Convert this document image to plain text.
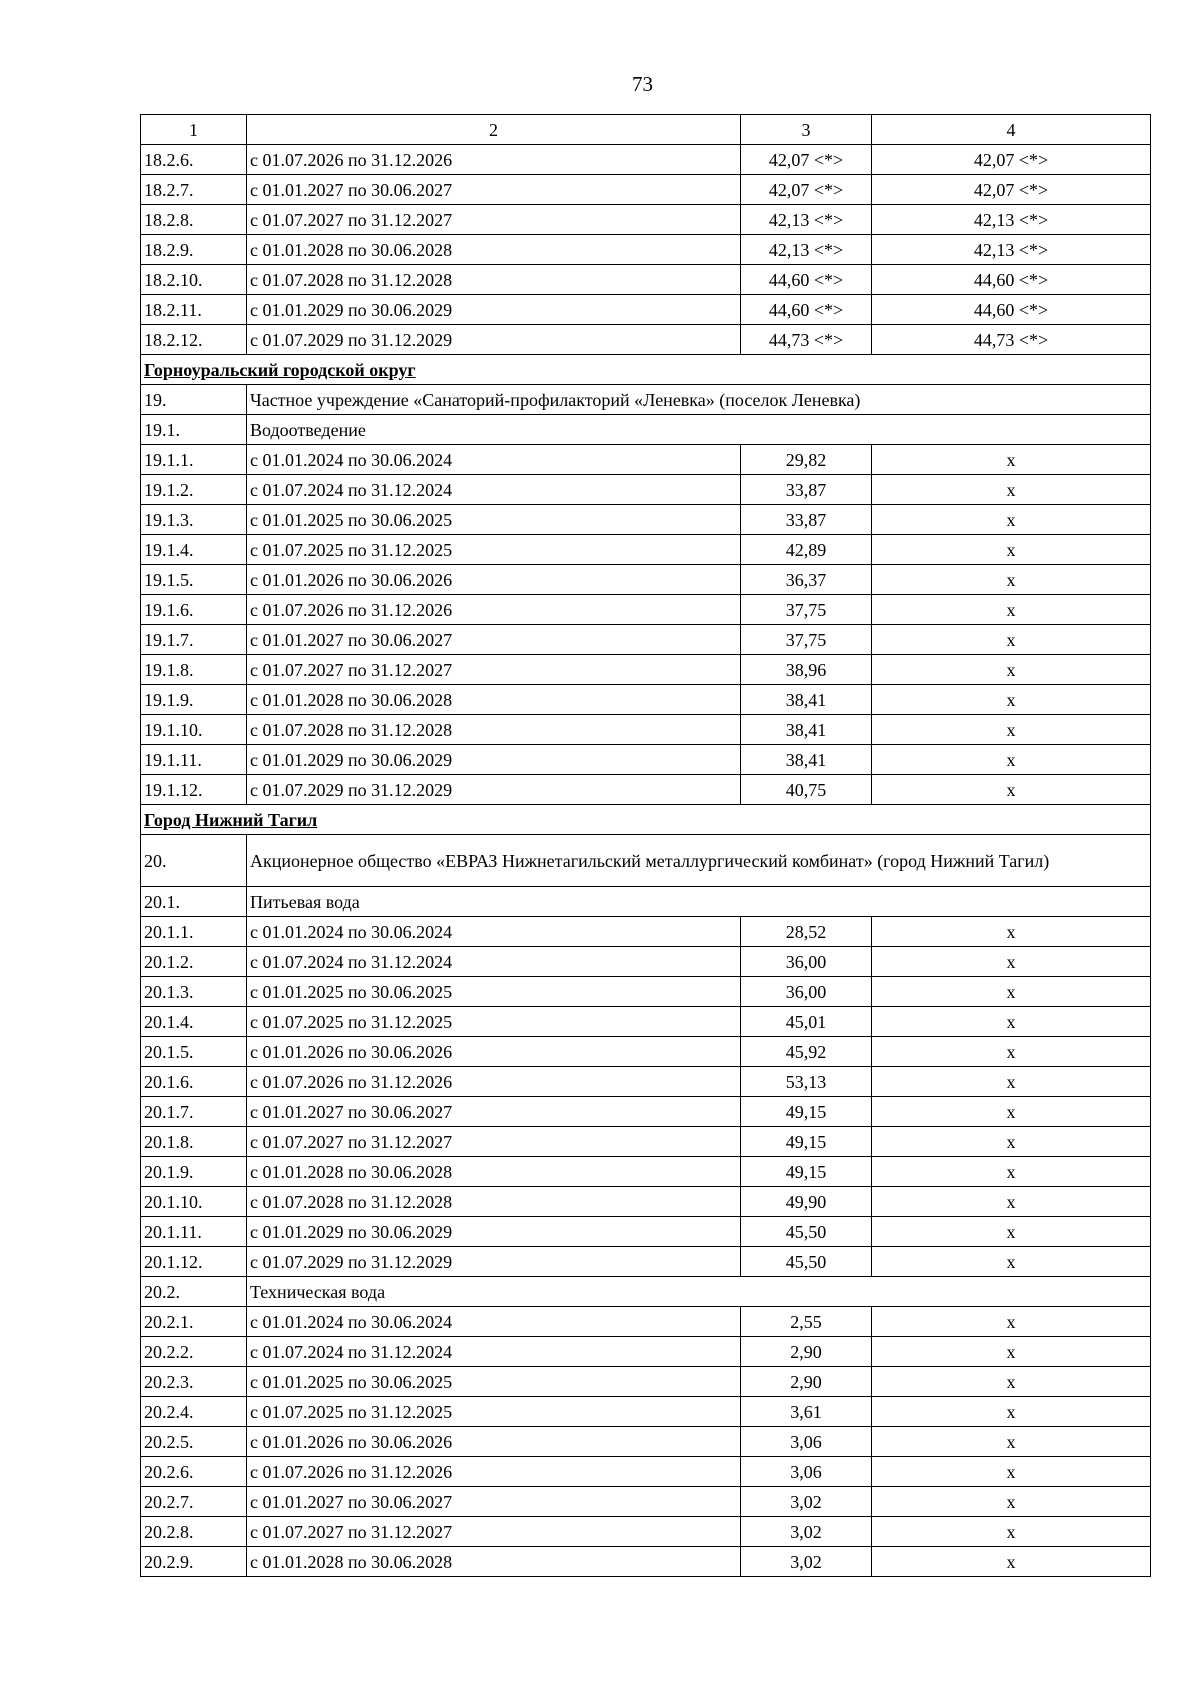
73
1	2	3	4
18.2.6.	с 01.07.2026 по 31.12.2026	42,07 <*>	42,07 <*>
18.2.7.	с 01.01.2027 по 30.06.2027	42,07 <*>	42,07 <*>
18.2.8.	с 01.07.2027 по 31.12.2027	42,13 <*>	42,13 <*>
18.2.9.	с 01.01.2028 по 30.06.2028	42,13 <*>	42,13 <*>
18.2.10.	с 01.07.2028 по 31.12.2028	44,60 <*>	44,60 <*>
18.2.11.	с 01.01.2029 по 30.06.2029	44,60 <*>	44,60 <*>
18.2.12.	с 01.07.2029 по 31.12.2029	44,73 <*>	44,73 <*>
Горноуральский городской округ			
19.	Частное учреждение «Санаторий-профилакторий «Леневка» (поселок Леневка)		
19.1.	Водоотведение		
19.1.1.	с 01.01.2024 по 30.06.2024	29,82	x
19.1.2.	с 01.07.2024 по 31.12.2024	33,87	x
19.1.3.	с 01.01.2025 по 30.06.2025	33,87	x
19.1.4.	с 01.07.2025 по 31.12.2025	42,89	x
19.1.5.	с 01.01.2026 по 30.06.2026	36,37	x
19.1.6.	с 01.07.2026 по 31.12.2026	37,75	x
19.1.7.	с 01.01.2027 по 30.06.2027	37,75	x
19.1.8.	с 01.07.2027 по 31.12.2027	38,96	x
19.1.9.	с 01.01.2028 по 30.06.2028	38,41	x
19.1.10.	с 01.07.2028 по 31.12.2028	38,41	x
19.1.11.	с 01.01.2029 по 30.06.2029	38,41	x
19.1.12.	с 01.07.2029 по 31.12.2029	40,75	x
Город Нижний Тагил			
20.	Акционерное общество «ЕВРАЗ Нижнетагильский металлургический комбинат» (город Нижний Тагил)		
20.1.	Питьевая вода		
20.1.1.	с 01.01.2024 по 30.06.2024	28,52	x
20.1.2.	с 01.07.2024 по 31.12.2024	36,00	x
20.1.3.	с 01.01.2025 по 30.06.2025	36,00	x
20.1.4.	с 01.07.2025 по 31.12.2025	45,01	x
20.1.5.	с 01.01.2026 по 30.06.2026	45,92	x
20.1.6.	с 01.07.2026 по 31.12.2026	53,13	x
20.1.7.	с 01.01.2027 по 30.06.2027	49,15	x
20.1.8.	с 01.07.2027 по 31.12.2027	49,15	x
20.1.9.	с 01.01.2028 по 30.06.2028	49,15	x
20.1.10.	с 01.07.2028 по 31.12.2028	49,90	x
20.1.11.	с 01.01.2029 по 30.06.2029	45,50	x
20.1.12.	с 01.07.2029 по 31.12.2029	45,50	x
20.2.	Техническая вода		
20.2.1.	с 01.01.2024 по 30.06.2024	2,55	x
20.2.2.	с 01.07.2024 по 31.12.2024	2,90	x
20.2.3.	с 01.01.2025 по 30.06.2025	2,90	x
20.2.4.	с 01.07.2025 по 31.12.2025	3,61	x
20.2.5.	с 01.01.2026 по 30.06.2026	3,06	x
20.2.6.	с 01.07.2026 по 31.12.2026	3,06	x
20.2.7.	с 01.01.2027 по 30.06.2027	3,02	x
20.2.8.	с 01.07.2027 по 31.12.2027	3,02	x
20.2.9.	с 01.01.2028 по 30.06.2028	3,02	x
